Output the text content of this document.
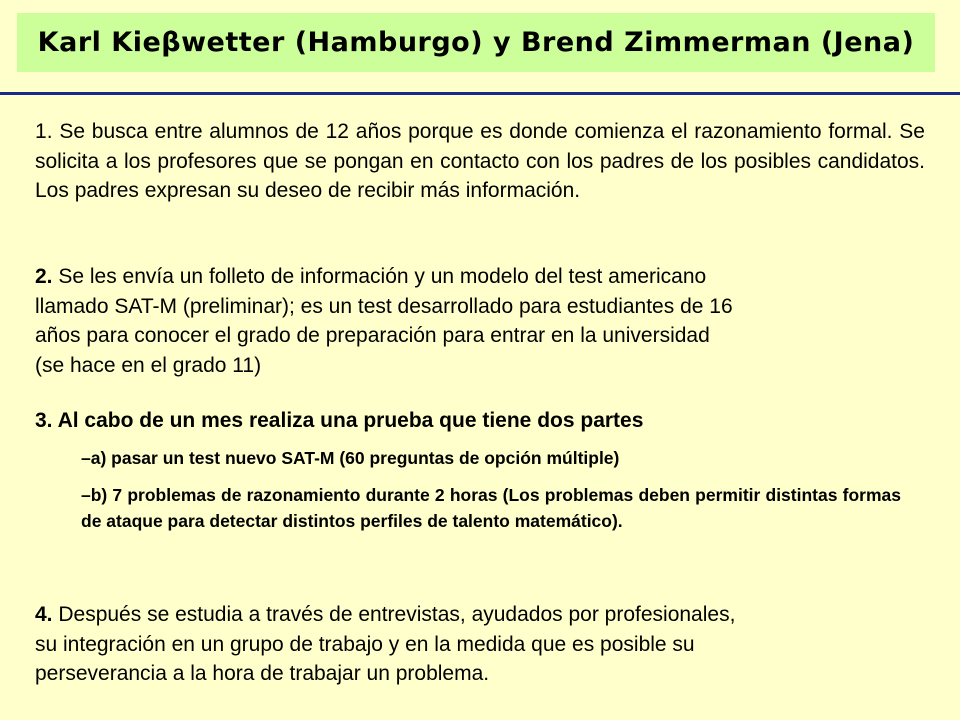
Karl Kieβwetter (Hamburgo) y Brend Zimmerman (Jena)

1. Se busca entre alumnos de 12 años porque es donde comienza el razonamiento formal. Se solicita a los profesores que se pongan en contacto con los padres de los posibles candidatos. Los padres expresan su deseo de recibir más información.

2. Se les envía un folleto de información y un modelo del test americano
llamado SAT-M (preliminar); es un test desarrollado para estudiantes de 16
años para conocer el grado de preparación para entrar en la universidad
(se hace en el grado 11)

3. Al cabo de un mes realiza una prueba que tiene dos partes

–a) pasar un test nuevo SAT-M (60 preguntas de opción múltiple)

–b) 7 problemas de razonamiento durante 2 horas (Los problemas deben permitir distintas formas de ataque para detectar distintos perfiles de talento matemático).

4. Después se estudia a través de entrevistas, ayudados por profesionales,
su integración en un grupo de trabajo y en la medida que es posible su
perseverancia a la hora de trabajar un problema.
